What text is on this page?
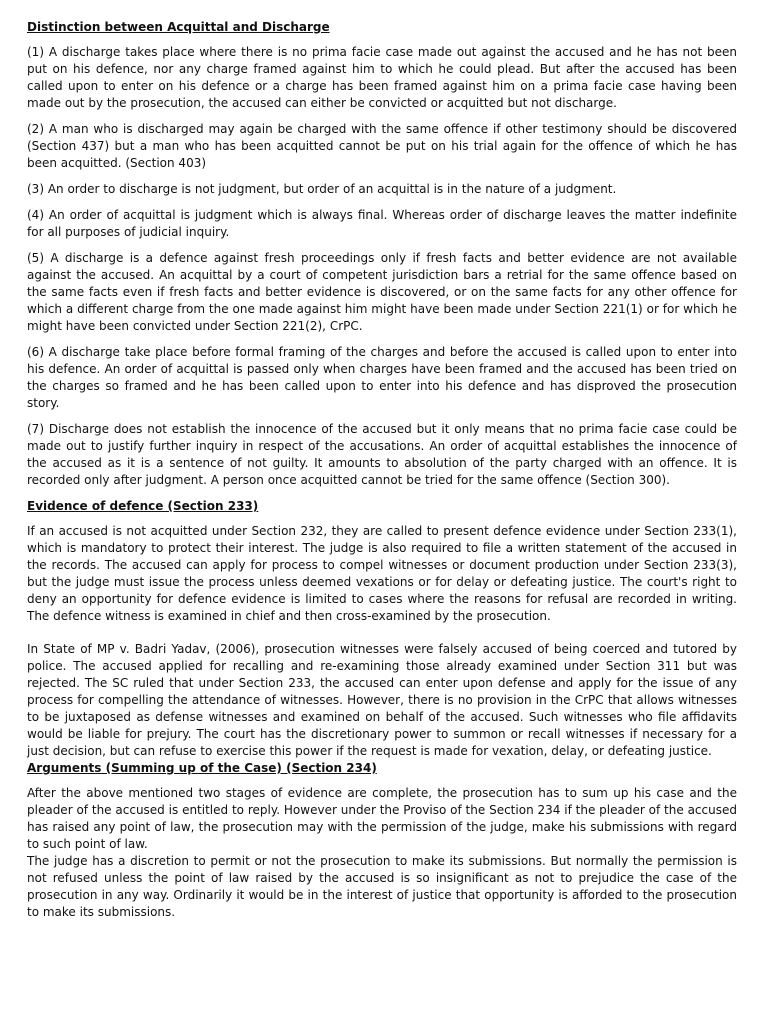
Distinction between Acquittal and Discharge

(1) A discharge takes place where there is no prima facie case made out against the accused and he has not been put on his defence, nor any charge framed against him to which he could plead. But after the accused has been called upon to enter on his defence or a charge has been framed against him on a prima facie case having been made out by the prosecution, the accused can either be convicted or acquitted but not discharge.

(2) A man who is discharged may again be charged with the same offence if other testimony should be discovered (Section 437) but a man who has been acquitted cannot be put on his trial again for the offence of which he has been acquitted. (Section 403)

(3) An order to discharge is not judgment, but order of an acquittal is in the nature of a judgment.

(4) An order of acquittal is judgment which is always final. Whereas order of discharge leaves the matter indefinite for all purposes of judicial inquiry.

(5) A discharge is a defence against fresh proceedings only if fresh facts and better evidence are not available against the accused. An acquittal by a court of competent jurisdiction bars a retrial for the same offence based on the same facts even if fresh facts and better evidence is discovered, or on the same facts for any other offence for which a different charge from the one made against him might have been made under Section 221(1) or for which he might have been convicted under Section 221(2), CrPC.

(6) A discharge take place before formal framing of the charges and before the accused is called upon to enter into his defence. An order of acquittal is passed only when charges have been framed and the accused has been tried on the charges so framed and he has been called upon to enter into his defence and has disproved the prosecution story.

(7) Discharge does not establish the innocence of the accused but it only means that no prima facie case could be made out to justify further inquiry in respect of the accusations. An order of acquittal establishes the innocence of the accused as it is a sentence of not guilty. It amounts to absolution of the party charged with an offence. It is recorded only after judgment. A person once acquitted cannot be tried for the same offence (Section 300).

Evidence of defence (Section 233)

If an accused is not acquitted under Section 232, they are called to present defence evidence under Section 233(1), which is mandatory to protect their interest. The judge is also required to file a written statement of the accused in the records. The accused can apply for process to compel witnesses or document production under Section 233(3), but the judge must issue the process unless deemed vexations or for delay or defeating justice. The court's right to deny an opportunity for defence evidence is limited to cases where the reasons for refusal are recorded in writing. The defence witness is examined in chief and then cross-examined by the prosecution.

In State of MP v. Badri Yadav, (2006), prosecution witnesses were falsely accused of being coerced and tutored by police. The accused applied for recalling and re-examining those already examined under Section 311 but was rejected. The SC ruled that under Section 233, the accused can enter upon defense and apply for the issue of any process for compelling the attendance of witnesses. However, there is no provision in the CrPC that allows witnesses to be juxtaposed as defense witnesses and examined on behalf of the accused. Such witnesses who file affidavits would be liable for prejury. The court has the discretionary power to summon or recall witnesses if necessary for a just decision, but can refuse to exercise this power if the request is made for vexation, delay, or defeating justice.

Arguments (Summing up of the Case) (Section 234)

After the above mentioned two stages of evidence are complete, the prosecution has to sum up his case and the pleader of the accused is entitled to reply. However under the Proviso of the Section 234 if the pleader of the accused has raised any point of law, the prosecution may with the permission of the judge, make his submissions with regard to such point of law.

The judge has a discretion to permit or not the prosecution to make its submissions. But normally the permission is not refused unless the point of law raised by the accused is so insignificant as not to prejudice the case of the prosecution in any way. Ordinarily it would be in the interest of justice that opportunity is afforded to the prosecution to make its submissions.
